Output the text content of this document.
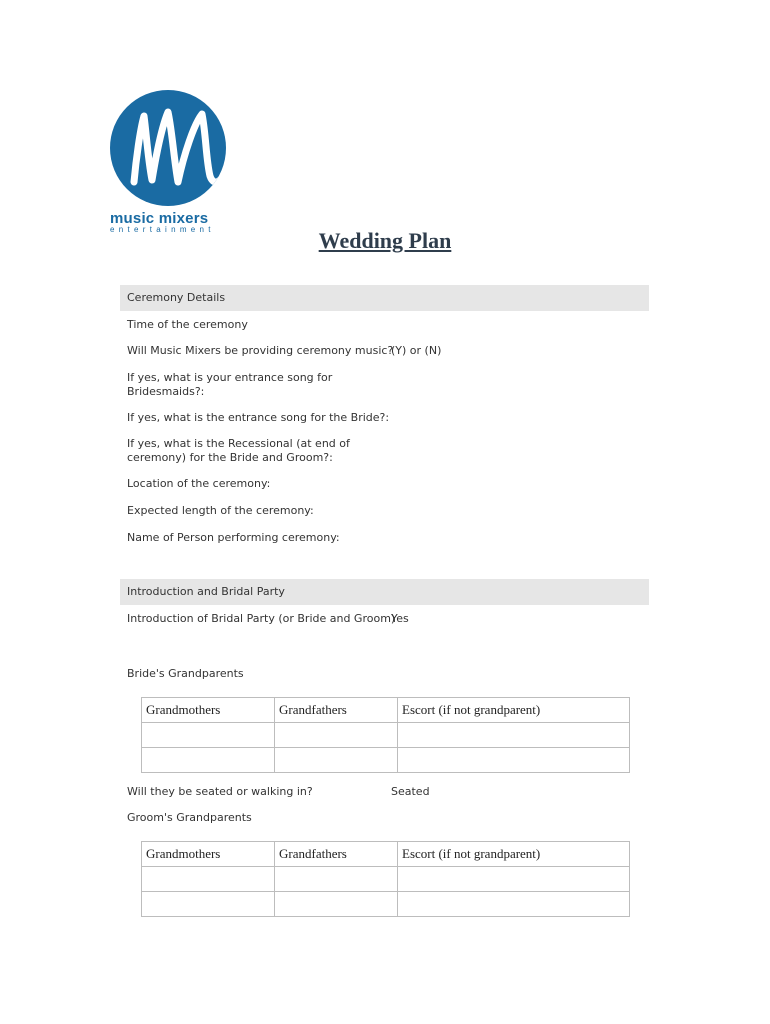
music mixers
entertainment	Wedding Plan
Ceremony Details
Time of the ceremony
Will Music Mixers be providing ceremony music?
(Y) or (N)
If yes, what is your entrance song for
Bridesmaids?:
If yes, what is the entrance song for the Bride?:
If yes, what is the Recessional (at end of
ceremony) for the Bride and Groom?:
Location of the ceremony:
Expected length of the ceremony:
Name of Person performing ceremony:
Introduction and Bridal Party
Introduction of Bridal Party (or Bride and Groom)
Yes
Bride's Grandparents
Grandmothers	Grandfathers	Escort (if not grandparent)

Will they be seated or walking in?	Seated
Groom's Grandparents
Grandmothers	Grandfathers	Escort (if not grandparent)
